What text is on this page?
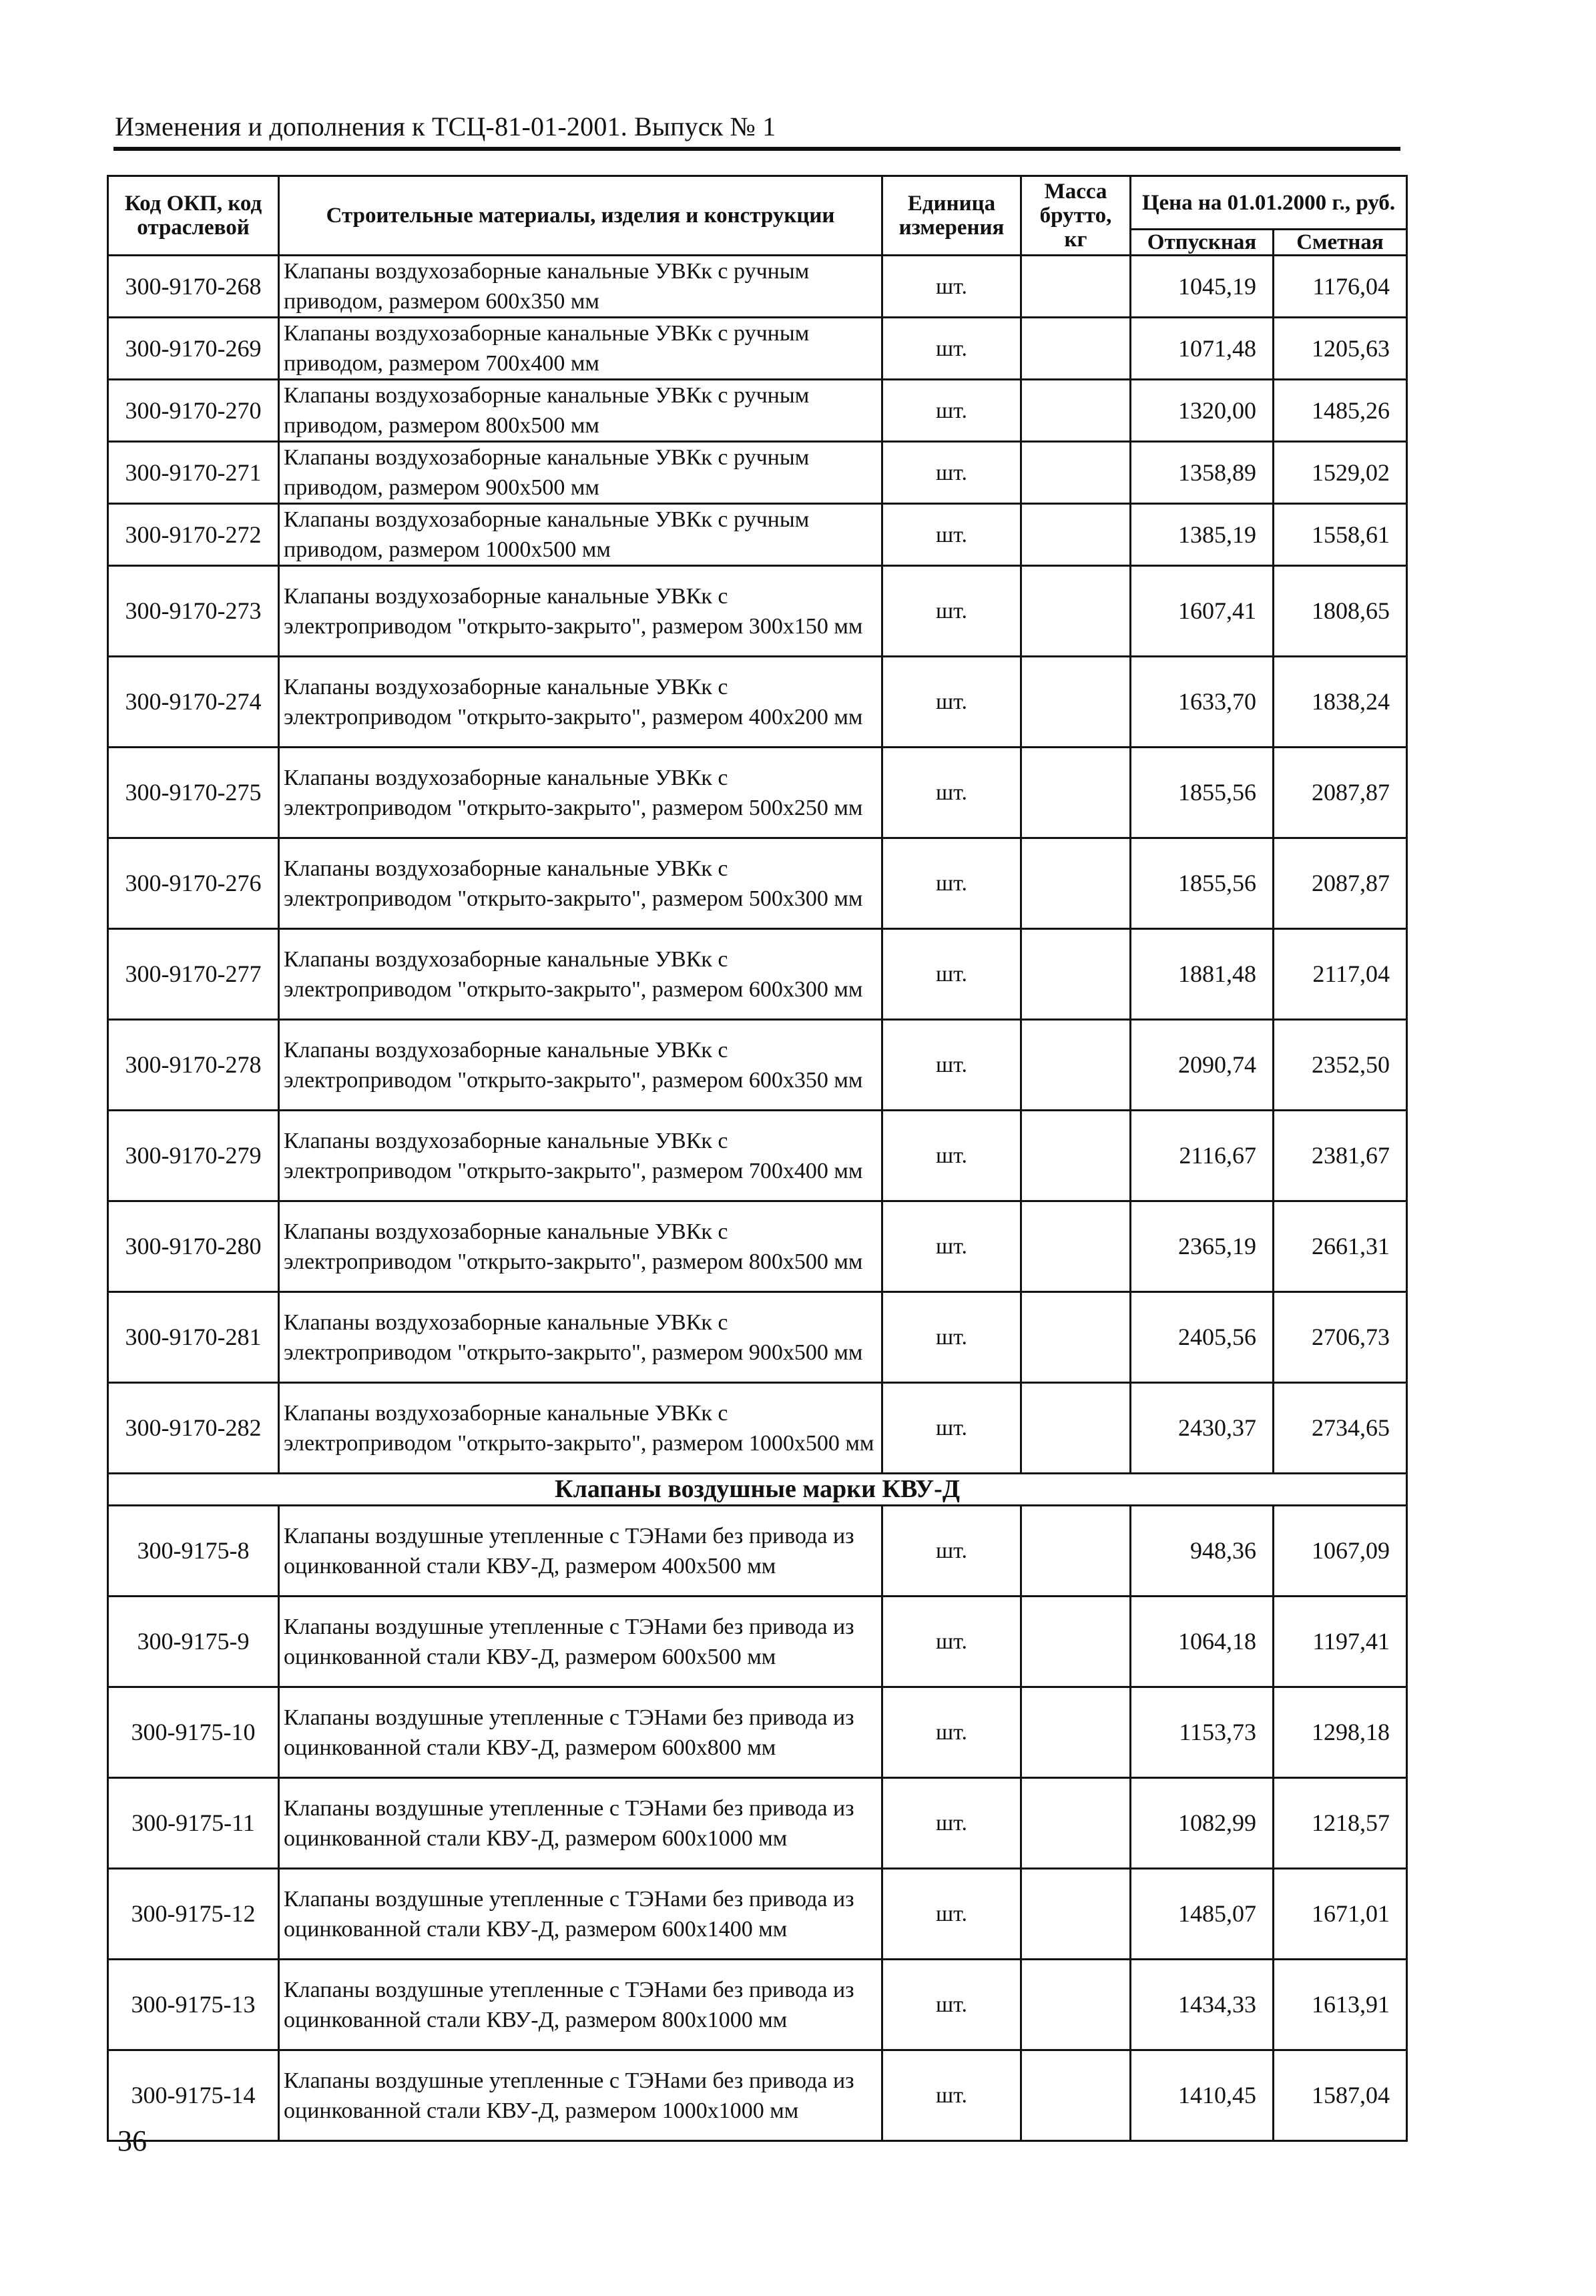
Изменения и дополнения к ТСЦ-81-01-2001. Выпуск № 1
Код ОКП, код отраслевой	Строительные материалы, изделия и конструкции	Единица измерения	Масса брутто, кг	Цена на 01.01.2000 г., руб.	
				Отпускная	Сметная
300-9170-268	Клапаны воздухозаборные канальные УВКк с ручным приводом, размером 600x350 мм	шт.		1045,19	1176,04
300-9170-269	Клапаны воздухозаборные канальные УВКк с ручным приводом, размером 700x400 мм	шт.		1071,48	1205,63
300-9170-270	Клапаны воздухозаборные канальные УВКк с ручным приводом, размером 800x500 мм	шт.		1320,00	1485,26
300-9170-271	Клапаны воздухозаборные канальные УВКк с ручным приводом, размером 900x500 мм	шт.		1358,89	1529,02
300-9170-272	Клапаны воздухозаборные канальные УВКк с ручным приводом, размером 1000x500 мм	шт.		1385,19	1558,61
300-9170-273	Клапаны воздухозаборные канальные УВКк с электроприводом "открыто-закрыто", размером 300x150 мм	шт.		1607,41	1808,65
300-9170-274	Клапаны воздухозаборные канальные УВКк с электроприводом "открыто-закрыто", размером 400x200 мм	шт.		1633,70	1838,24
300-9170-275	Клапаны воздухозаборные канальные УВКк с электроприводом "открыто-закрыто", размером 500x250 мм	шт.		1855,56	2087,87
300-9170-276	Клапаны воздухозаборные канальные УВКк с электроприводом "открыто-закрыто", размером 500x300 мм	шт.		1855,56	2087,87
300-9170-277	Клапаны воздухозаборные канальные УВКк с электроприводом "открыто-закрыто", размером 600x300 мм	шт.		1881,48	2117,04
300-9170-278	Клапаны воздухозаборные канальные УВКк с электроприводом "открыто-закрыто", размером 600x350 мм	шт.		2090,74	2352,50
300-9170-279	Клапаны воздухозаборные канальные УВКк с электроприводом "открыто-закрыто", размером 700x400 мм	шт.		2116,67	2381,67
300-9170-280	Клапаны воздухозаборные канальные УВКк с электроприводом "открыто-закрыто", размером 800x500 мм	шт.		2365,19	2661,31
300-9170-281	Клапаны воздухозаборные канальные УВКк с электроприводом "открыто-закрыто", размером 900x500 мм	шт.		2405,56	2706,73
300-9170-282	Клапаны воздухозаборные канальные УВКк с электроприводом "открыто-закрыто", размером 1000x500 мм	шт.		2430,37	2734,65
Клапаны воздушные марки КВУ-Д					
300-9175-8	Клапаны воздушные утепленные с ТЭНами без привода из оцинкованной стали КВУ-Д, размером 400x500 мм	шт.		948,36	1067,09
300-9175-9	Клапаны воздушные утепленные с ТЭНами без привода из оцинкованной стали КВУ-Д, размером 600x500 мм	шт.		1064,18	1197,41
300-9175-10	Клапаны воздушные утепленные с ТЭНами без привода из оцинкованной стали КВУ-Д, размером 600x800 мм	шт.		1153,73	1298,18
300-9175-11	Клапаны воздушные утепленные с ТЭНами без привода из оцинкованной стали КВУ-Д, размером 600x1000 мм	шт.		1082,99	1218,57
300-9175-12	Клапаны воздушные утепленные с ТЭНами без привода из оцинкованной стали КВУ-Д, размером 600x1400 мм	шт.		1485,07	1671,01
300-9175-13	Клапаны воздушные утепленные с ТЭНами без привода из оцинкованной стали КВУ-Д, размером 800x1000 мм	шт.		1434,33	1613,91
300-9175-14	Клапаны воздушные утепленные с ТЭНами без привода из оцинкованной стали КВУ-Д, размером 1000x1000 мм	шт.		1410,45	1587,04
36
